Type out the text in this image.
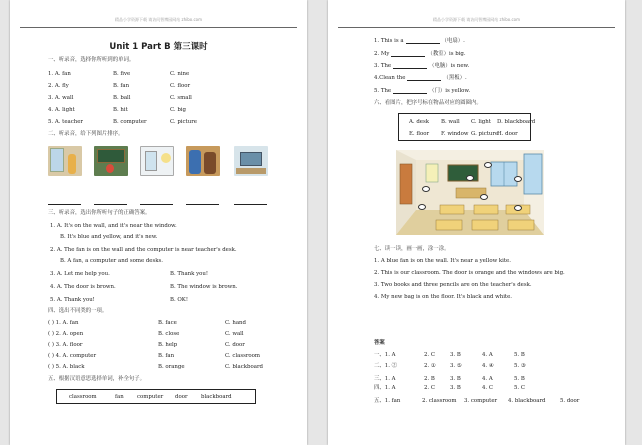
精品小学资源下载 请访问智博园网站 zhibo.com
Unit 1 Part B 第三课时
一、听录音，选择你所听到的单词。
1. A. fan	B. five	C. nine
2. A. fly	B. fan	C. floor
3. A. wall	B. ball	C. small
4. A. light	B. hit	C. big
5. A. teacher	B. computer	C. picture
二、听录音，给下列图片排序。
三、听录音，选出你所听句子的正确答案。
1. A. It's on the wall, and it's near the window.
B. It's blue and yellow, and it's new.
2. A. The fan is on the wall and the computer is near teacher's desk.
B. A fan, a computer and some desks.
3. A. Let me help you.	B. Thank you!
4. A. The door is brown.	B. The window is brown.
5. A. Thank you!	B. OK!
四、选出不同类的一项。
( ) 1. A. fan	B. face	C. hand
( ) 2. A. open	B. close	C. wall
( ) 3. A. floor	B. help	C. door
( ) 4. A. computer	B. fan	C. classroom
( ) 5. A. black	B. orange	C. blackboard
五、根据汉语意思选择单词，补全句子。
classroom	fan computer door blackboard
精品小学资源下载 请访问智博园网站 zhibo.com
1. This is a	（电扇）.
2. My	（教室）is big.
3. The	（电脑）is new.
4.Clean the	（黑板）.
5. The	（门）is yellow.
六、看图片，把序号标在物品对应的圆圈内。
A. desk B. wall C. light D. blackboard
E. floor F. window G. picture
H. door
七、读一读，画一画，涂一涂。
1. A blue fan is on the wall. It's near a yellow kite.
2. This is our classroom. The door is orange and the windows are big.
3. Two books and three pencils are on the teacher's desk.
4. My new bag is on the floor. It's black and white.
答案
一、1. A	2. C	3. B	4. A	5. B
二、1. ②	2. ①	3. ⑤	4. ④	5. ③
三、1. A	2. B	3. B	4. A	5. B
四、1. A	2. C	3. B	4. C	5. C
五、1. fan	2. classroom 3. computer 4. blackboard	5. door
